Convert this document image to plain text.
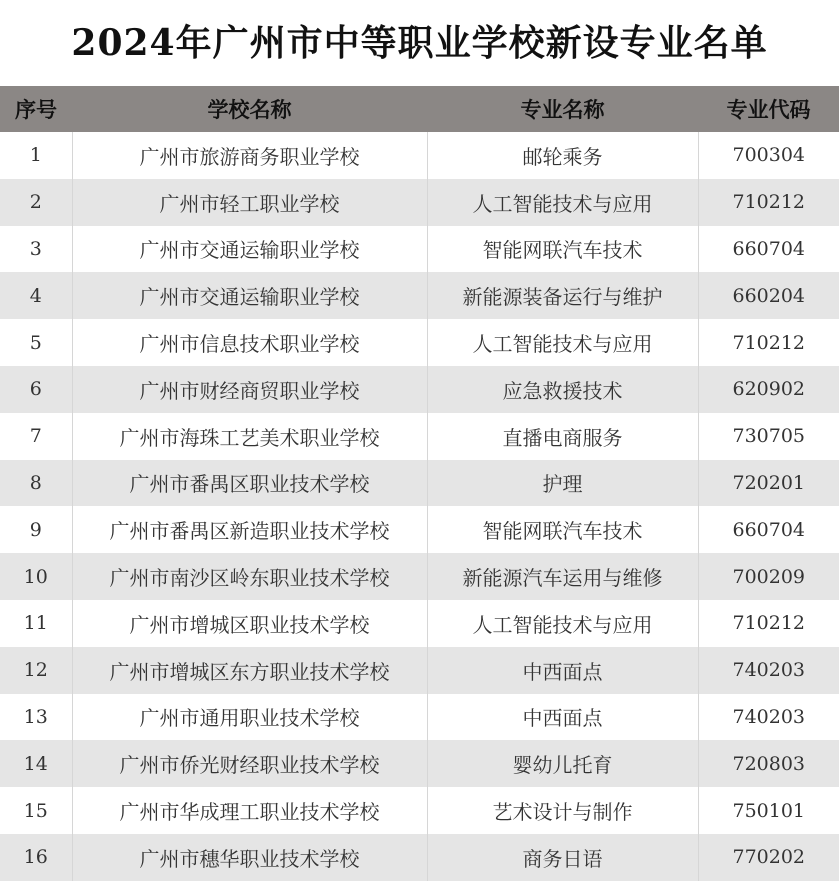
2024年广州市中等职业学校新设专业名单
序号	学校名称	专业名称	专业代码
1	广州市旅游商务职业学校	邮轮乘务	700304
2	广州市轻工职业学校	人工智能技术与应用	710212
3	广州市交通运输职业学校	智能网联汽车技术	660704
4	广州市交通运输职业学校	新能源装备运行与维护	660204
5	广州市信息技术职业学校	人工智能技术与应用	710212
6	广州市财经商贸职业学校	应急救援技术	620902
7	广州市海珠工艺美术职业学校	直播电商服务	730705
8	广州市番禺区职业技术学校	护理	720201
9	广州市番禺区新造职业技术学校	智能网联汽车技术	660704
10	广州市南沙区岭东职业技术学校	新能源汽车运用与维修	700209
11	广州市增城区职业技术学校	人工智能技术与应用	710212
12	广州市增城区东方职业技术学校	中西面点	740203
13	广州市通用职业技术学校	中西面点	740203
14	广州市侨光财经职业技术学校	婴幼儿托育	720803
15	广州市华成理工职业技术学校	艺术设计与制作	750101
16	广州市穗华职业技术学校	商务日语	770202
